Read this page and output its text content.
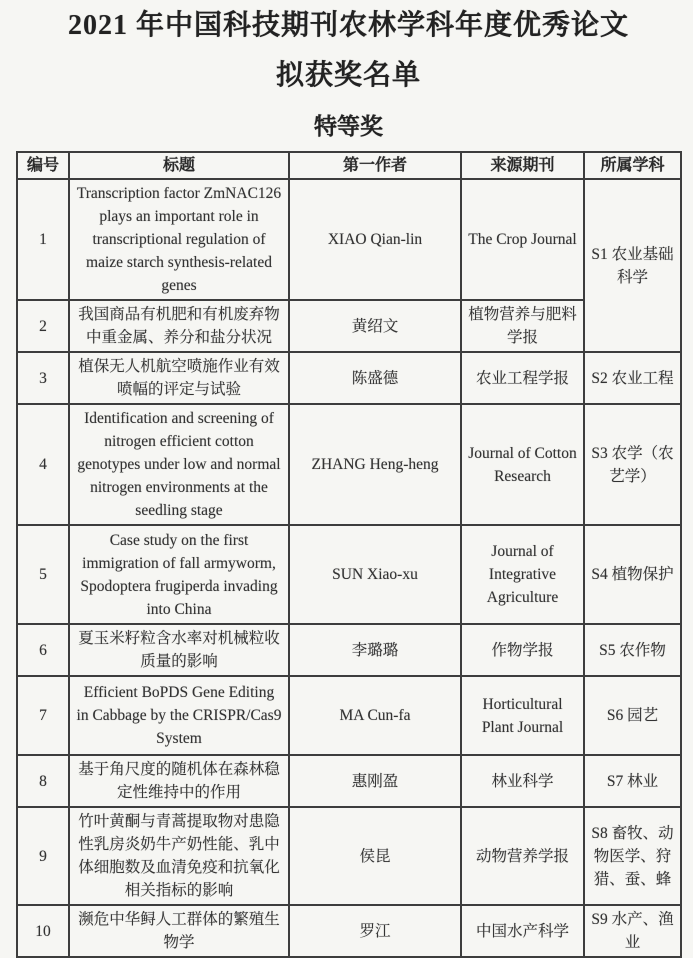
2021 年中国科技期刊农林学科年度优秀论文
拟获奖名单
特等奖
编号	标题	第一作者	来源期刊	所属学科
1	Transcription factor ZmNAC126 plays an important role in transcriptional regulation of maize starch synthesis-related genes	XIAO Qian-lin	The Crop Journal	S1 农业基础科学
2	我国商品有机肥和有机废弃物中重金属、养分和盐分状况	黄绍文	植物营养与肥料学报	
3	植保无人机航空喷施作业有效喷幅的评定与试验	陈盛德	农业工程学报	S2 农业工程
4	Identification and screening of nitrogen efficient cotton genotypes under low and normal nitrogen environments at the seedling stage	ZHANG Heng-heng	Journal of Cotton Research	S3 农学（农艺学）
5	Case study on the first immigration of fall armyworm, Spodoptera frugiperda invading into China	SUN Xiao-xu	Journal of Integrative Agriculture	S4 植物保护
6	夏玉米籽粒含水率对机械粒收质量的影响	李璐璐	作物学报	S5 农作物
7	Efficient BoPDS Gene Editing in Cabbage by the CRISPR/Cas9 System	MA Cun-fa	Horticultural Plant Journal	S6 园艺
8	基于角尺度的随机体在森林稳定性维持中的作用	惠刚盈	林业科学	S7 林业
9	竹叶黄酮与青蒿提取物对患隐性乳房炎奶牛产奶性能、乳中体细胞数及血清免疫和抗氧化相关指标的影响	侯昆	动物营养学报	S8 畜牧、动物医学、狩猎、蚕、蜂
10	濒危中华鲟人工群体的繁殖生物学	罗江	中国水产科学	S9 水产、渔业
